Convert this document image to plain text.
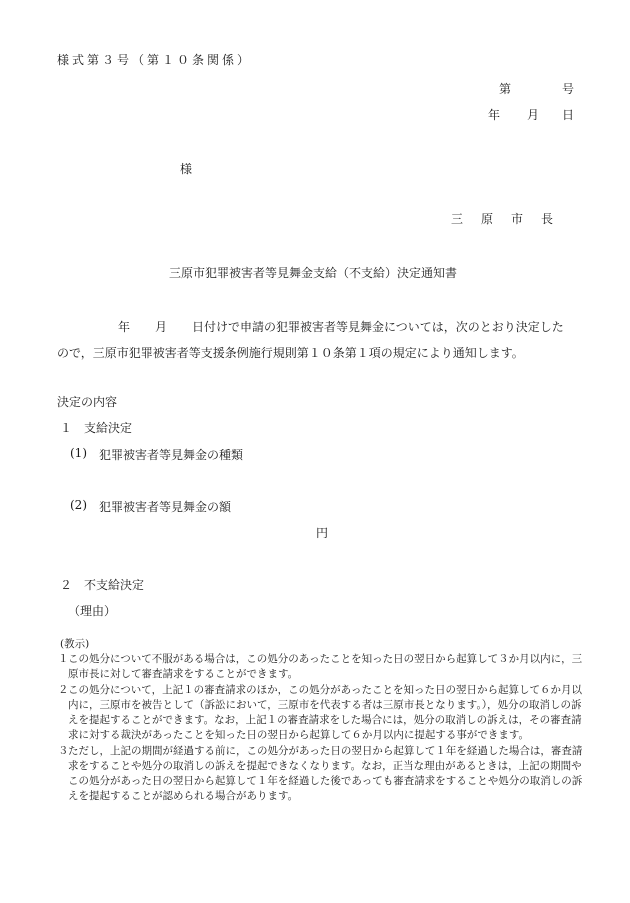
様式第３号（第１０条関係）
第	号
年 月 日
様
三原市長
三原市犯罪被害者等見舞金支給（不支給）決定通知書
年 月 日付けで申請の犯罪被害者等見舞金については，次のとおり決定した
ので，三原市犯罪被害者等支援条例施行規則第１０条第１項の規定により通知します。
決定の内容
１ 支給決定
(1) 犯罪被害者等見舞金の種類
(2) 犯罪被害者等見舞金の額
円
２ 不支給決定
（理由）
(教示)
１ この処分について不服がある場合は，この処分のあったことを知った日の翌日から起算して３か月以内に，三原市長に対して審査請求をすることができます。
２ この処分について，上記１の審査請求のほか，この処分があったことを知った日の翌日から起算して６か月以内に，三原市を被告として（訴訟において，三原市を代表する者は三原市長となります。），処分の取消しの訴えを提起することができます。なお，上記１の審査請求をした場合には，処分の取消しの訴えは，その審査請求に対する裁決があったことを知った日の翌日から起算して６か月以内に提起する事ができます。
３ ただし，上記の期間が経過する前に，この処分があった日の翌日から起算して１年を経過した場合は，審査請求をすることや処分の取消しの訴えを提起できなくなります。なお，正当な理由があるときは，上記の期間やこの処分があった日の翌日から起算して１年を経過した後であっても審査請求をすることや処分の取消しの訴えを提起することが認められる場合があります。
